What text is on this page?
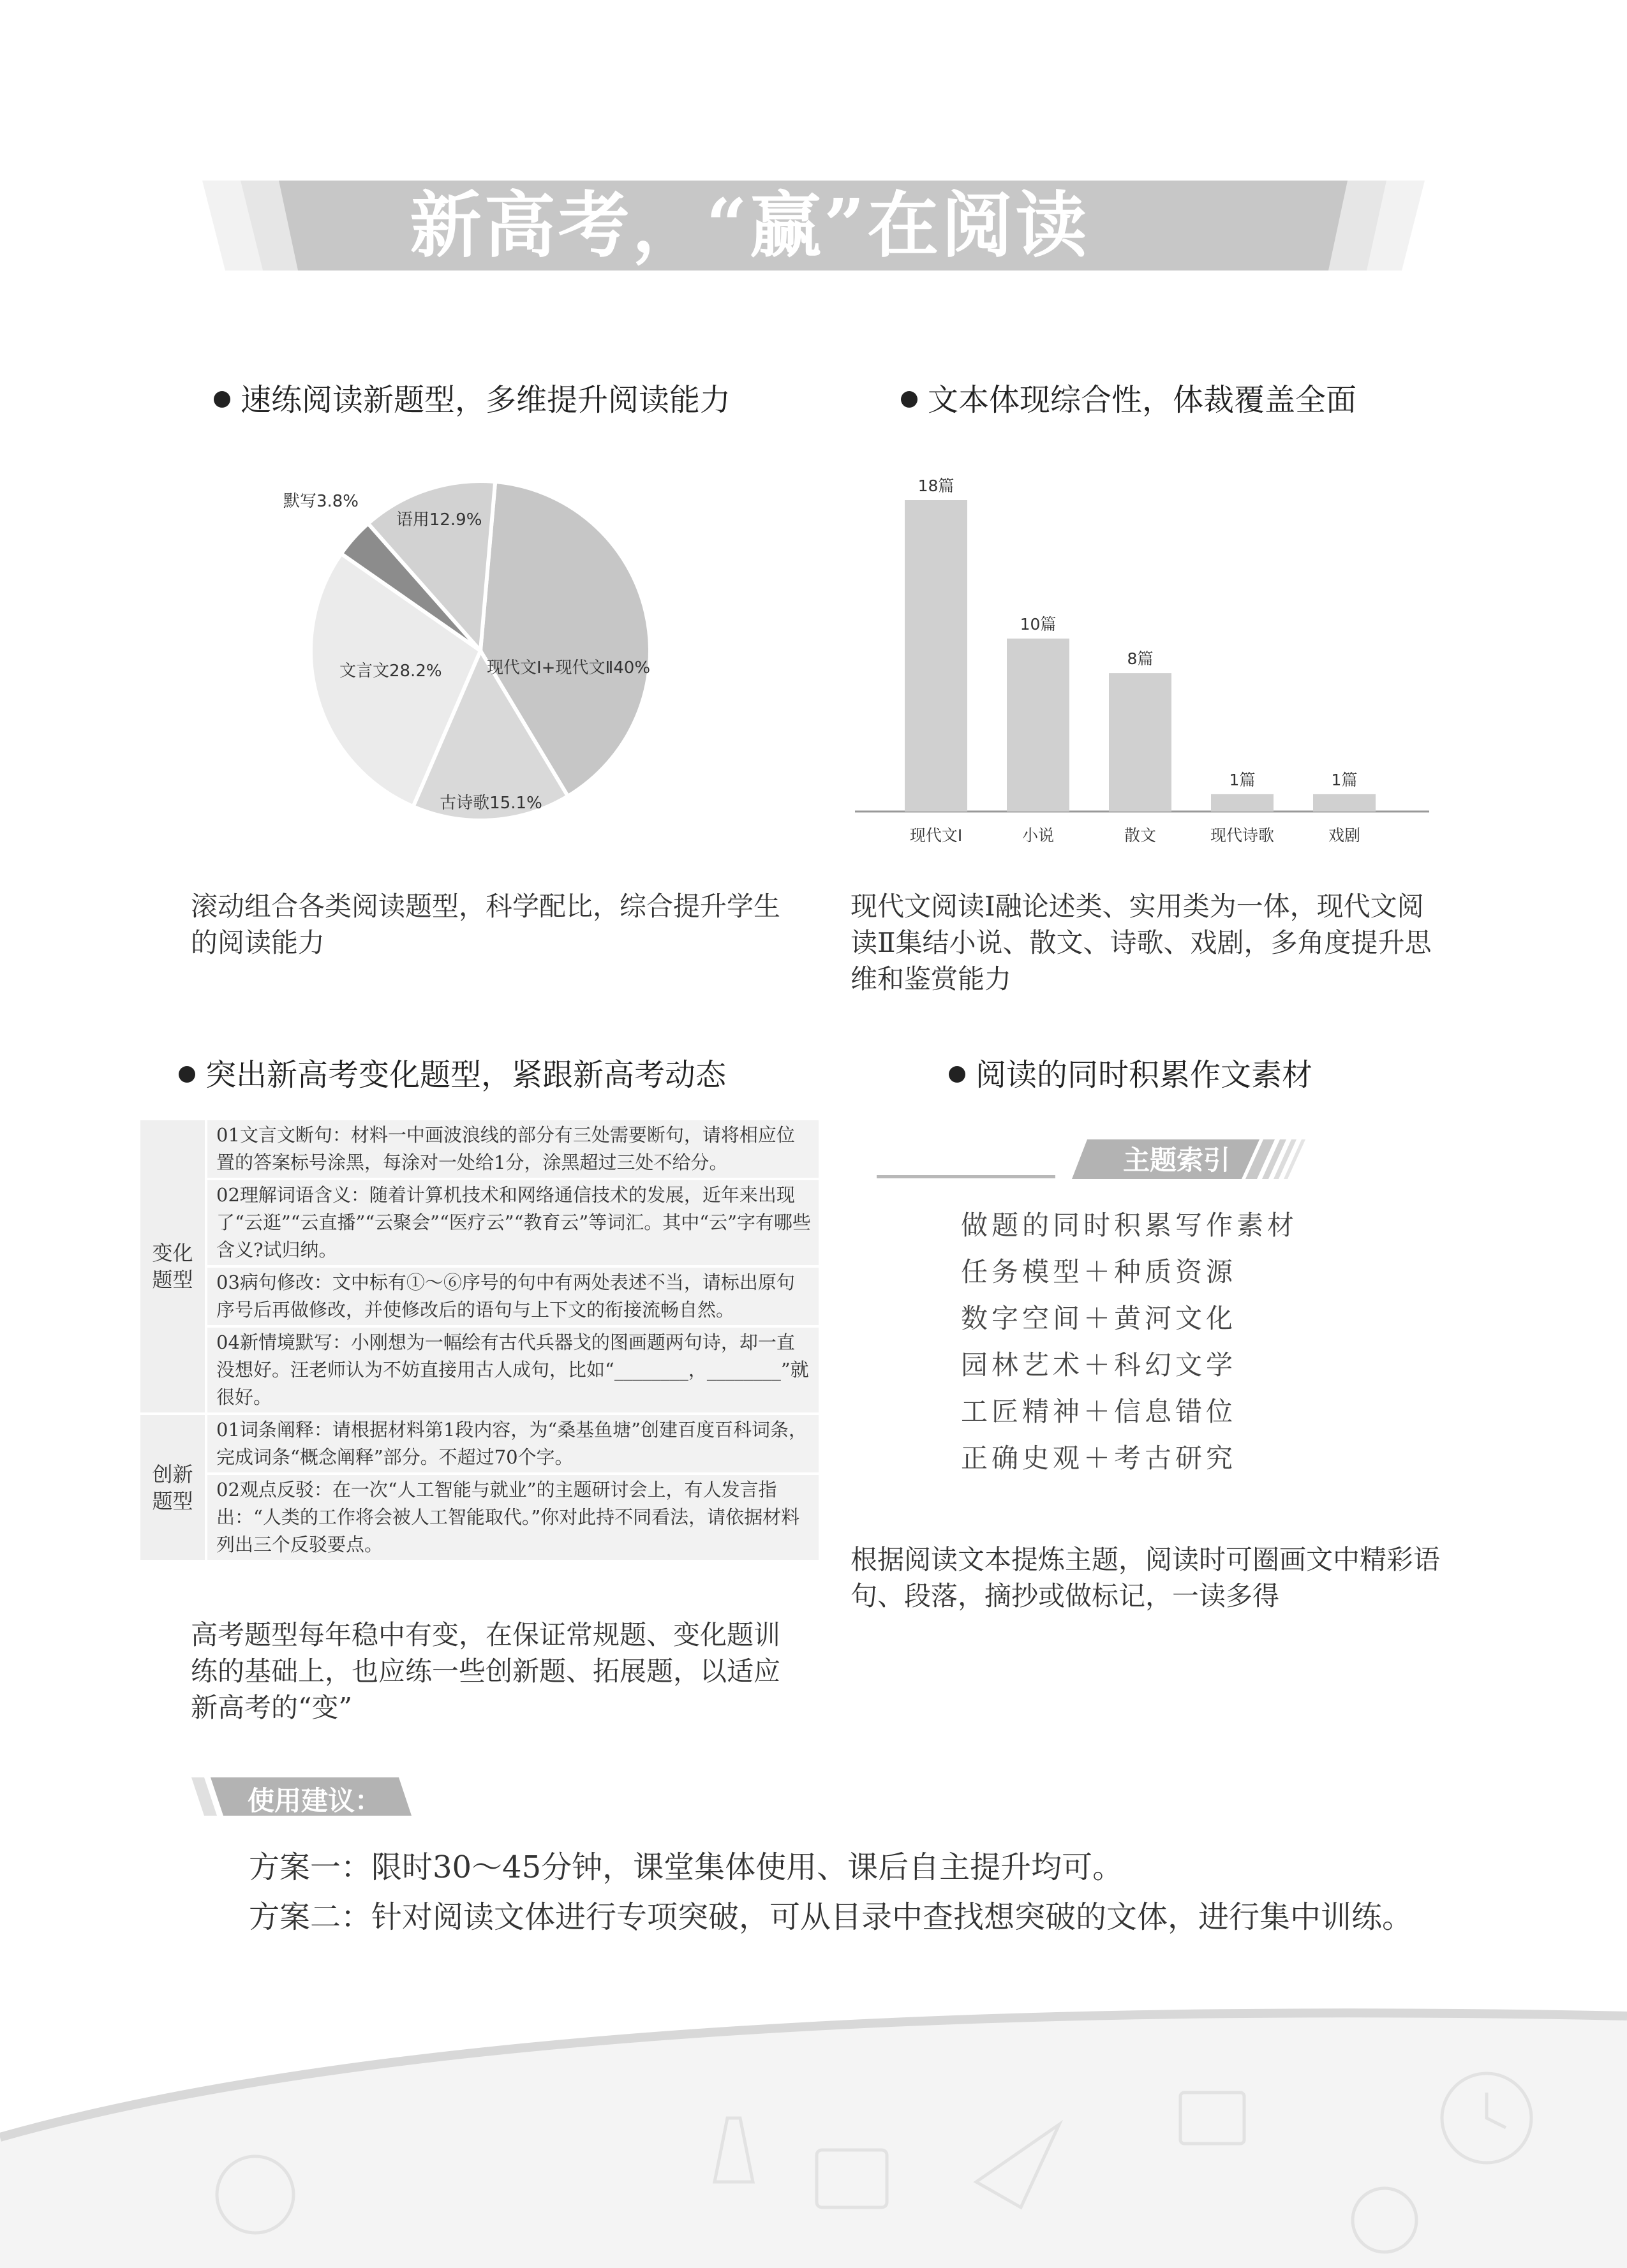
新高考，“赢”在阅读
速练阅读新题型，多维提升阅读能力	文本体现综合性，体裁覆盖全面
现代文Ⅰ+现代文Ⅱ40%
古诗歌15.1%
文言文28.2%
默写3.8%
语用12.9%
18篇
现代文Ⅰ
10篇
小说
8篇
散文
1篇
现代诗歌
1篇
戏剧
滚动组合各类阅读题型，科学配比，综合提升学生
的阅读能力
现代文阅读Ⅰ融论述类、实用类为一体，现代文阅
读Ⅱ集结小说、散文、诗歌、戏剧，多角度提升思
维和鉴赏能力
突出新高考变化题型，紧跟新高考动态	阅读的同时积累作文素材
变化
题型	01文言文断句：材料一中画波浪线的部分有三处需要断句，请将相应位置的答案标号涂黑，每涂对一处给1分，涂黑超过三处不给分。
	02理解词语含义：随着计算机技术和网络通信技术的发展，近年来出现了“云逛”“云直播”“云聚会”“医疗云”“教育云”等词汇。其中“云”字有哪些含义?试归纳。
	03病句修改：文中标有①～⑥序号的句中有两处表述不当，请标出原句序号后再做修改，并使修改后的语句与上下文的衔接流畅自然。
	04新情境默写：小刚想为一幅绘有古代兵器戈的图画题两句诗，却一直没想好。汪老师认为不妨直接用古人成句，比如“________，________”就很好。
创新
题型	01词条阐释：请根据材料第1段内容，为“桑基鱼塘”创建百度百科词条，完成词条“概念阐释”部分。不超过70个字。
	02观点反驳：在一次“人工智能与就业”的主题研讨会上，有人发言指出：“人类的工作将会被人工智能取代。”你对此持不同看法，请依据材料列出三个反驳要点。
高考题型每年稳中有变，在保证常规题、变化题训
练的基础上，也应练一些创新题、拓展题，以适应
新高考的“变”
主题索引
做题的同时积累写作素材
任务模型＋种质资源
数字空间＋黄河文化
园林艺术＋科幻文学
工匠精神＋信息错位
正确史观＋考古研究
根据阅读文本提炼主题，阅读时可圈画文中精彩语
句、段落，摘抄或做标记，一读多得
使用建议：
方案一：限时30～45分钟，课堂集体使用、课后自主提升均可。
方案二：针对阅读文体进行专项突破，可从目录中查找想突破的文体，进行集中训练。
